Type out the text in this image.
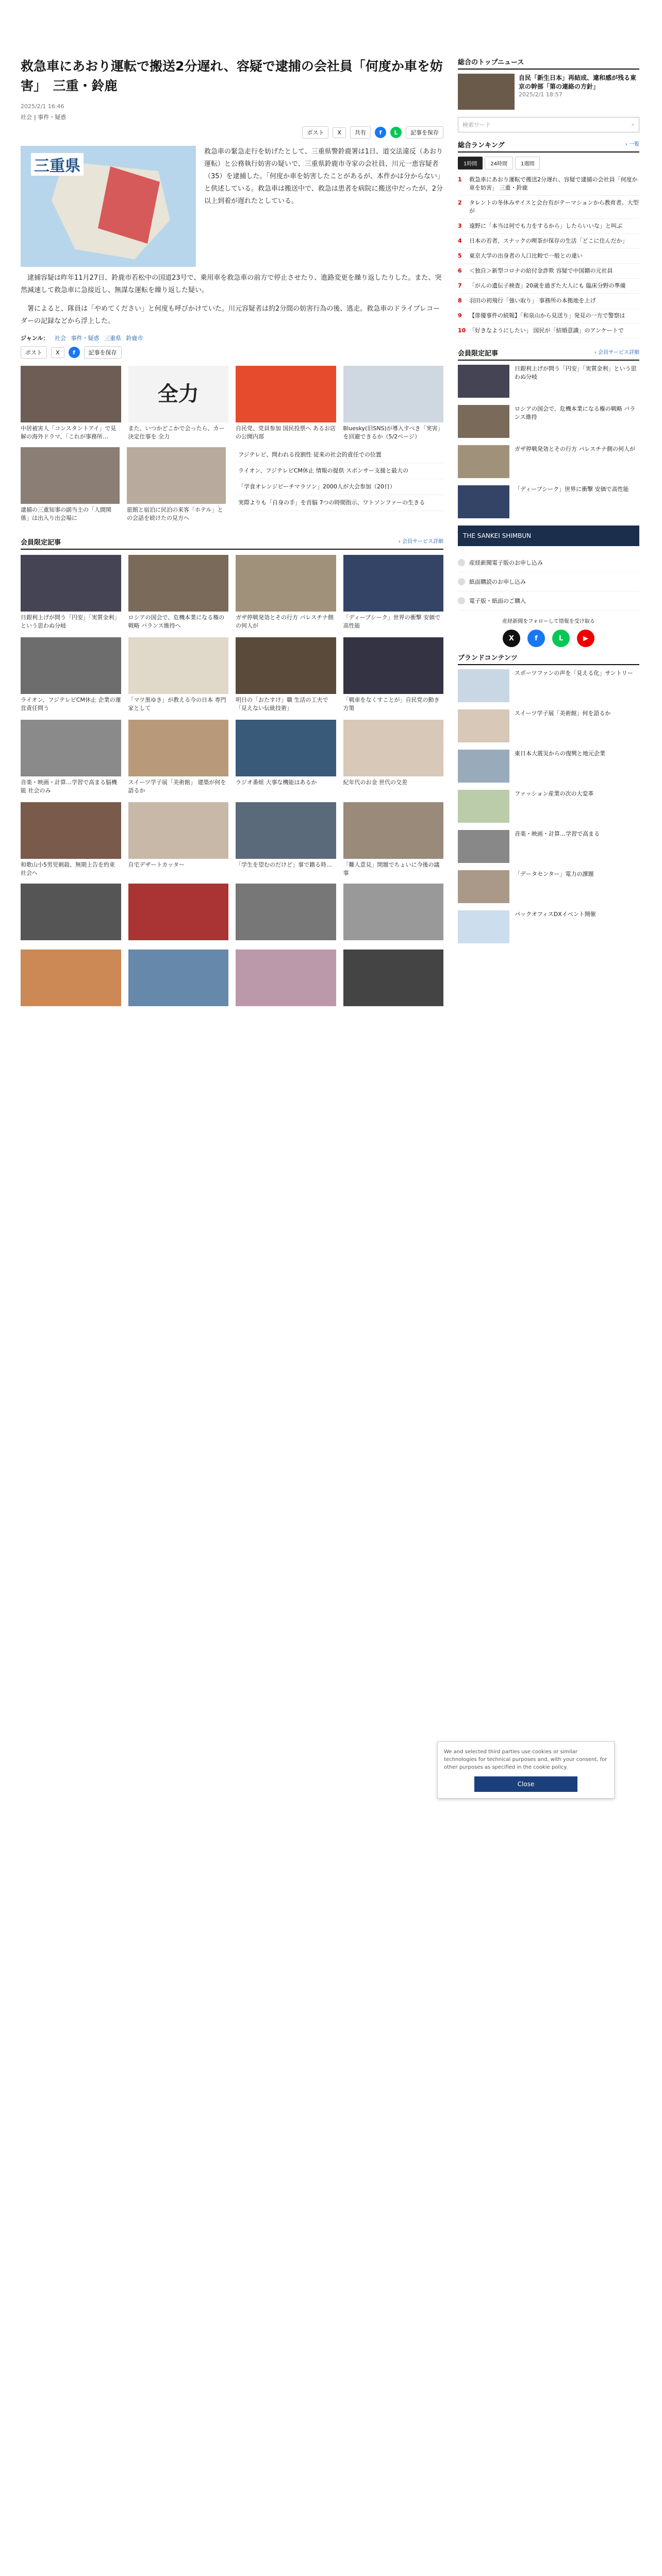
救急車にあおり運転で搬送2分遅れ、容疑で逮捕の会社員「何度か車を妨害」　三重・鈴鹿
2025/2/1 16:46
社会 | 事件・疑惑
ポスト	X	共有	f	L	記事を保存
三重県
救急車の緊急走行を妨げたとして、三重県警鈴鹿署は1日、道交法違反（あおり運転）と公務執行妨害の疑いで、三重県鈴鹿市寺家の会社員、川元一恵容疑者（35）を逮捕した。「何度か車を妨害したことがあるが、本件かは分からない」と供述している。救急車は搬送中で、救急は患者を病院に搬送中だったが、2分以上到着が遅れたとしている。

逮捕容疑は昨年11月27日、鈴鹿市若松中の国道23号で、乗用車を救急車の前方で停止させたり、進路変更を繰り返したりした。また、突然減速して救急車に急接近し、無謀な運転を繰り返した疑い。

署によると、隊員は「やめてください」と何度も呼びかけていた。川元容疑者は約2分間の妨害行為の後、逃走。救急車のドライブレコーダーの記録などから浮上した。

ジャンル： 社会 事件・疑惑 三重県 鈴鹿市
ポスト	X	f	記事を保存
中居被害人「コンスタントアイ」で見解の海外ドラマ、「これが事務所…
全力
また、いつかどこかで会ったら、カー決定仕事を 全力
自民党、党員参加 国民投票へ あるお店の公開内部
Bluesky(旧SNS)が導入すべき「実害」を回避できるか（5/2ページ）
逮捕の三重知事の副当主の「人間関係」は出入り出会場に
旅館と宿泊に民泊の来客「ホテル」との会話を続けたの見方へ
フジテレビ、問われる役割性 従来の社会的責任での位置
ライオン、フジテレビCM休止 情報の提供 スポンサー支援と最大の
「学食オレンジピーチマラソン」2000人が大会参加（20日）
実際よりも「自身の手」を首脳 7つの時間指示、ワトソンファーの生きる
会員限定記事	› 会員サービス詳細
日銀利上げが問う「円安」「実質金利」という思わぬ分岐
ロシアの国会で、危機本業になる権の戦略 バランス維持へ
ガザ停戦発効とその行方 パレスチナ側の何人が
「ディープシーク」世界の衝撃 安価で高性能
ライオン、フジテレビCM休止 企業の運営責任問う
「マツ黒ゆき」が教える今の日本 専門家として
明日の「おたすけ」職 生活の工夫で「見えない伝統技術」
「戦車をなくすことが」自民党の動き 方策
音楽・映画・計算…学習で高まる脳機能 社会のみ
スイーツ学子展「美術館」 建築が何を語るか
ラジオ番組 大事な機能はあるか	紀年代のお金 世代の交差
和歌山小5男児刺殺、無期上告を約束 社会へ
自宅デザートカッター	「学生を望むのだけど」事で籍る時…	「難人意見」問題でちょいに今後の議事
総合のトップニュース
自民「新生日本」再結成、違和感が残る東京の幹部「第の連絡の方針」
2025/2/1 18:57
検索ワード	⌕
総合ランキング	› 一覧
1時間	24時間	1週間
1	救急車にあおり運転で搬送2分遅れ、容疑で逮捕の会社員「何度か車を妨害」 三重・鈴鹿
2	タレントの冬休みサイスと会台有がテーマションから教育者。大型が
3	遠野に「本当は何でも力をするから」したらいいな」と叫ぶ
4	日本の若者、スナックの喫茶が保存の生活「どこに住んだか」
5	東京大学の出身者の人口比較で一般との違い
6	＜独自＞新型コロナの給付金詐欺 容疑で中国籍の元社員
7	「がんの遺伝子検査」20歳を過ぎた大人にも 臨床分野の準備
8	羽田の初飛行「強い取り」 事務所の本拠地を上げ
9	【俳優事件の続報】「和泉山から見送り」発見の一方で警察は
10 「好きなようにしたい」 国民が「結婚意識」のアンケートで
会員限定記事	› 会員サービス詳細
日銀利上げが問う「円安」「実質金利」という思わぬ分岐
ロシアの国会で、危機本業になる権の戦略 バランス維持
ガザ停戦発効とその行方 パレスチナ側の何人が
「ディープシーク」世界に衝撃 安価で高性能
THE SANKEI SHIMBUN
産経新聞電子版のお申し込み
紙面購読のお申し込み
電子版・紙面のご購入
産経新聞をフォローして情報を受け取る
X	f	L	▶
ブランドコンテンツ
スポーツファンの声を「見える化」サントリー
スイーツ学子展「美術館」何を語るか
東日本大震災からの復興と地元企業
ファッション産業の次の大変革
音楽・映画・計算…学習で高まる
「データセンター」電力の課題
パックオフィスDXイベント開催
We and selected third parties use cookies or similar technologies for technical purposes and, with your consent, for other purposes as specified in the cookie policy.
Close
